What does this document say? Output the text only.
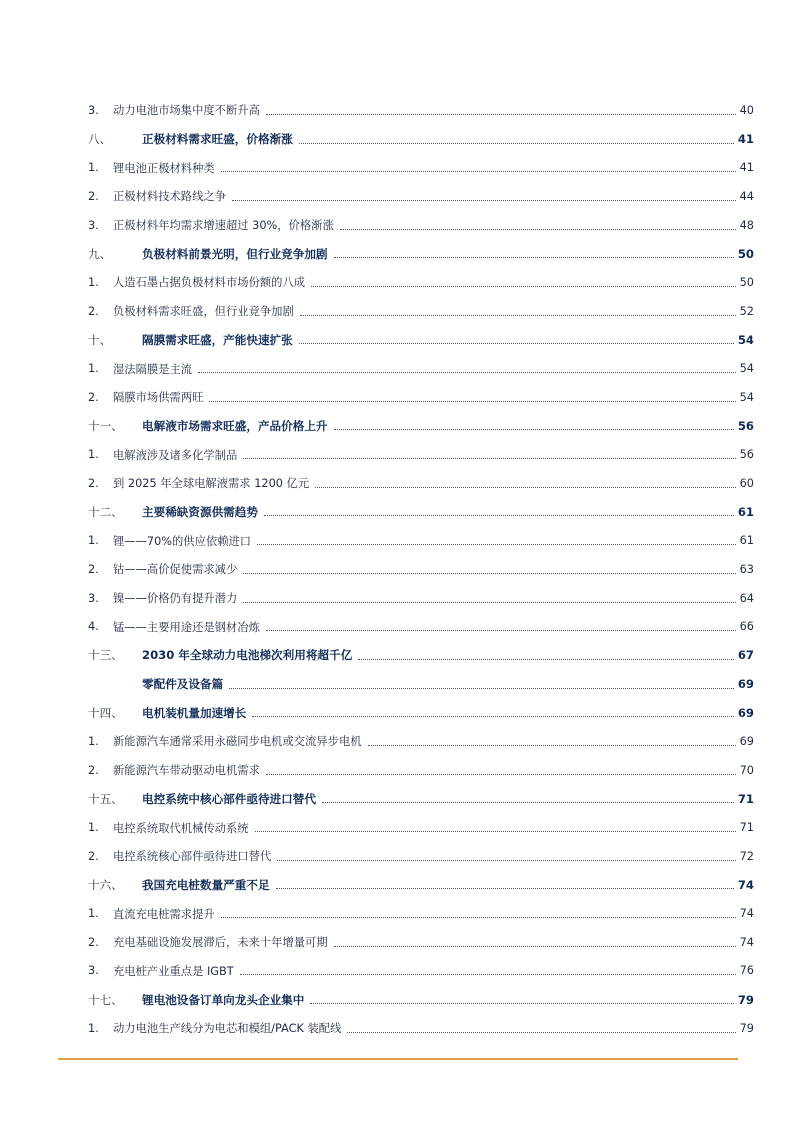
3.	动力电池市场集中度不断升高	40
八、	正极材料需求旺盛，价格渐涨	41
1.	锂电池正极材料种类	41
2.	正极材料技术路线之争	44
3.	正极材料年均需求增速超过 30%，价格渐涨	48
九、	负极材料前景光明，但行业竞争加剧	50
1.	人造石墨占据负极材料市场份额的八成	50
2.	负极材料需求旺盛，但行业竞争加剧	52
十、	隔膜需求旺盛，产能快速扩张	54
1.	湿法隔膜是主流	54
2.	隔膜市场供需两旺	54
十一、	电解液市场需求旺盛，产品价格上升	56
1.	电解液涉及诸多化学制品	56
2.	到 2025 年全球电解液需求 1200 亿元	60
十二、	主要稀缺资源供需趋势	61
1.	锂——70%的供应依赖进口	61
2.	钴——高价促使需求减少	63
3.	镍——价格仍有提升潜力	64
4.	锰——主要用途还是钢材冶炼	66
十三、	2030 年全球动力电池梯次利用将超千亿	67
零配件及设备篇	69
十四、	电机装机量加速增长	69
1.	新能源汽车通常采用永磁同步电机或交流异步电机	69
2.	新能源汽车带动驱动电机需求	70
十五、	电控系统中核心部件亟待进口替代	71
1.	电控系统取代机械传动系统	71
2.	电控系统核心部件亟待进口替代	72
十六、	我国充电桩数量严重不足	74
1.	直流充电桩需求提升	74
2.	充电基础设施发展滞后，未来十年增量可期	74
3.	充电桩产业重点是 IGBT	76
十七、	锂电池设备订单向龙头企业集中	79
1.	动力电池生产线分为电芯和模组/PACK 装配线	79
